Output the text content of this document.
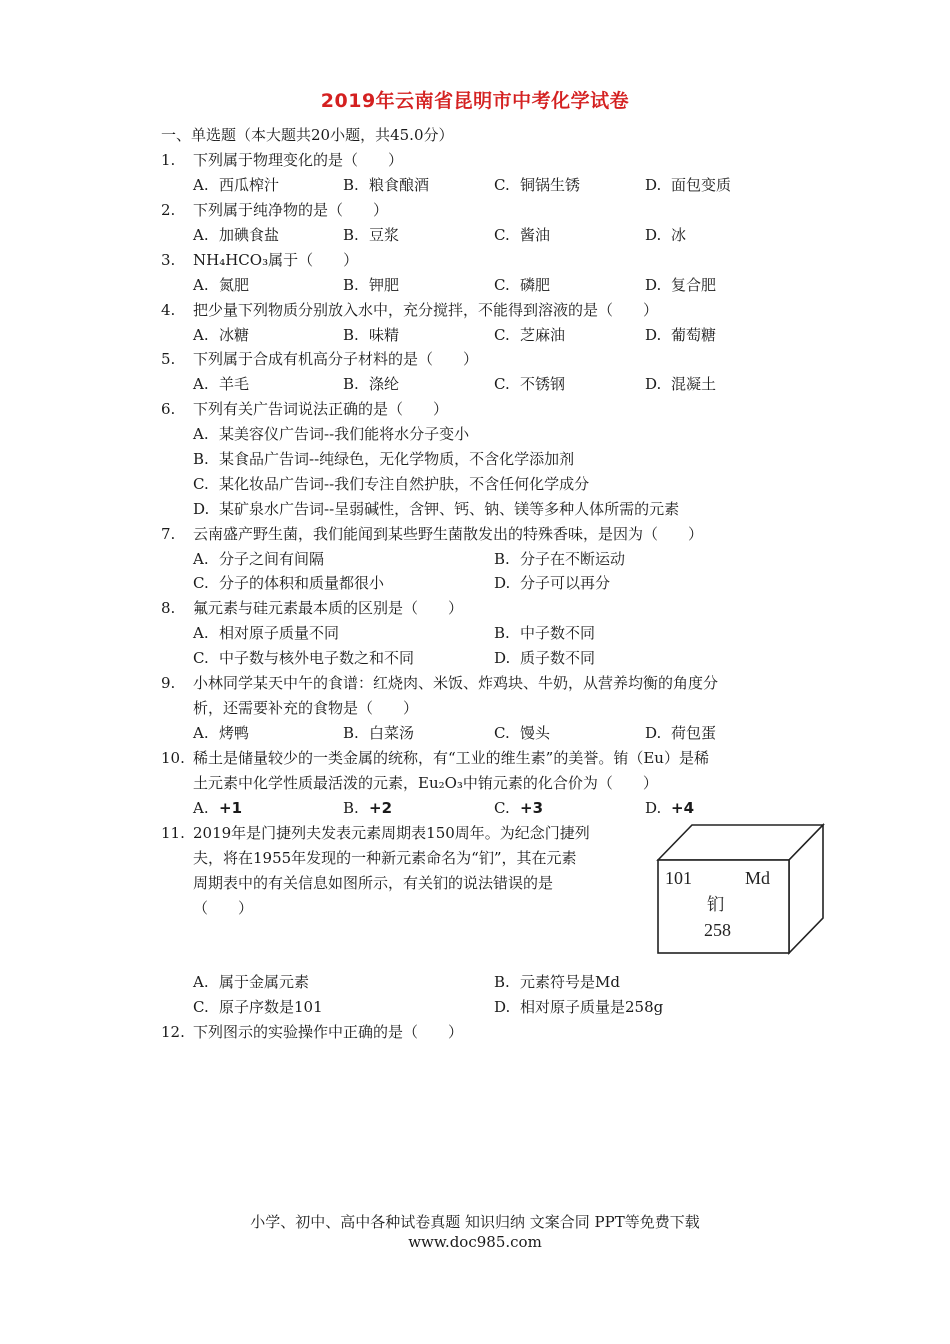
2019年云南省昆明市中考化学试卷
一、单选题（本大题共20小题，共45.0分）
1. 下列属于物理变化的是（　　）
A. 西瓜榨汁	B. 粮食酿酒	C. 铜锅生锈	D. 面包变质
2. 下列属于纯净物的是（　　）
A. 加碘食盐	B. 豆浆	C. 酱油	D. 冰
3. NH₄HCO₃属于（　　）
A. 氮肥	B. 钾肥	C. 磷肥	D. 复合肥
4. 把少量下列物质分别放入水中，充分搅拌，不能得到溶液的是（　　）
A. 冰糖	B. 味精	C. 芝麻油	D. 葡萄糖
5. 下列属于合成有机高分子材料的是（　　）
A. 羊毛	B. 涤纶	C. 不锈钢	D. 混凝土
6. 下列有关广告词说法正确的是（　　）
A. 某美容仪广告词--我们能将水分子变小
B. 某食品广告词--纯绿色，无化学物质，不含化学添加剂
C. 某化妆品广告词--我们专注自然护肤，不含任何化学成分
D. 某矿泉水广告词--呈弱碱性，含钾、钙、钠、镁等多种人体所需的元素
7. 云南盛产野生菌，我们能闻到某些野生菌散发出的特殊香味，是因为（　　）
A. 分子之间有间隔	B. 分子在不断运动
C. 分子的体积和质量都很小	D. 分子可以再分
8. 氟元素与硅元素最本质的区别是（　　）
A. 相对原子质量不同	B. 中子数不同
C. 中子数与核外电子数之和不同	D. 质子数不同
9. 小林同学某天中午的食谱：红烧肉、米饭、炸鸡块、牛奶，从营养均衡的角度分
析，还需要补充的食物是（　　）
A. 烤鸭	B. 白菜汤	C. 馒头	D. 荷包蛋
10. 稀土是储量较少的一类金属的统称，有“工业的维生素”的美誉。铕（Eu）是稀
土元素中化学性质最活泼的元素，Eu₂O₃中铕元素的化合价为（　　）
A. +1	B. +2	C. +3	D. +4
11. 2019年是门捷列夫发表元素周期表150周年。为纪念门捷列
夫，将在1955年发现的一种新元素命名为“钔”，其在元素
周期表中的有关信息如图所示，有关钔的说法错误的是
（　　）
101	Md
钔
258
A. 属于金属元素	B. 元素符号是Md
C. 原子序数是101	D. 相对原子质量是258g
12. 下列图示的实验操作中正确的是（　　）
小学、初中、高中各种试卷真题 知识归纳 文案合同 PPT等免费下载
www.doc985.com
